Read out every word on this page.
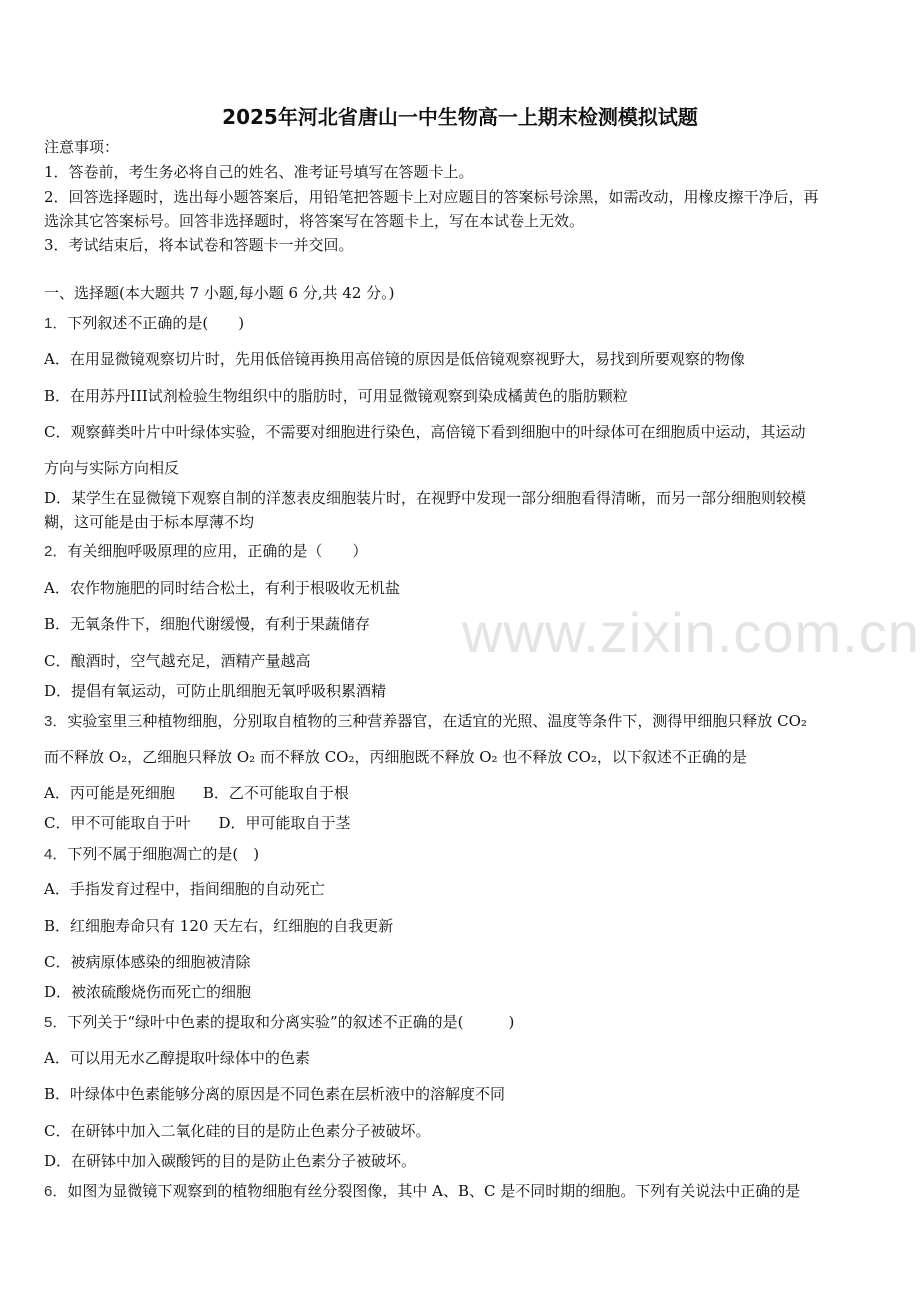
www.zixin.com.cn
2025年河北省唐山一中生物高一上期末检测模拟试题
注意事项：
1．答卷前，考生务必将自己的姓名、准考证号填写在答题卡上。
2．回答选择题时，选出每小题答案后，用铅笔把答题卡上对应题目的答案标号涂黑，如需改动，用橡皮擦干净后，再
选涂其它答案标号。回答非选择题时，将答案写在答题卡上，写在本试卷上无效。
3．考试结束后，将本试卷和答题卡一并交回。
一、选择题(本大题共 7 小题,每小题 6 分,共 42 分。)
1．下列叙述不正确的是(　　)
A．在用显微镜观察切片时，先用低倍镜再换用高倍镜的原因是低倍镜观察视野大，易找到所要观察的物像
B．在用苏丹III试剂检验生物组织中的脂肪时，可用显微镜观察到染成橘黄色的脂肪颗粒
C．观察藓类叶片中叶绿体实验，不需要对细胞进行染色，高倍镜下看到细胞中的叶绿体可在细胞质中运动，其运动
方向与实际方向相反
D．某学生在显微镜下观察自制的洋葱表皮细胞装片时，在视野中发现一部分细胞看得清晰，而另一部分细胞则较模
糊，这可能是由于标本厚薄不均
2．有关细胞呼吸原理的应用，正确的是（　　）
A．农作物施肥的同时结合松土，有利于根吸收无机盐
B．无氧条件下，细胞代谢缓慢，有利于果蔬储存
C．酿酒时，空气越充足，酒精产量越高
D．提倡有氧运动，可防止肌细胞无氧呼吸积累酒精
3．实验室里三种植物细胞，分别取自植物的三种营养器官，在适宜的光照、温度等条件下，测得甲细胞只释放 CO₂
而不释放 O₂，乙细胞只释放 O₂ 而不释放 CO₂，丙细胞既不释放 O₂ 也不释放 CO₂，以下叙述不正确的是
A．丙可能是死细胞 B．乙不可能取自于根
C．甲不可能取自于叶 D．甲可能取自于茎
4．下列不属于细胞凋亡的是(　)
A．手指发育过程中，指间细胞的自动死亡
B．红细胞寿命只有 120 天左右，红细胞的自我更新
C．被病原体感染的细胞被清除
D．被浓硫酸烧伤而死亡的细胞
5．下列关于“绿叶中色素的提取和分离实验”的叙述不正确的是(　　　)
A．可以用无水乙醇提取叶绿体中的色素
B．叶绿体中色素能够分离的原因是不同色素在层析液中的溶解度不同
C．在研钵中加入二氧化硅的目的是防止色素分子被破坏。
D．在研钵中加入碳酸钙的目的是防止色素分子被破坏。
6．如图为显微镜下观察到的植物细胞有丝分裂图像，其中 A、B、C 是不同时期的细胞。下列有关说法中正确的是
